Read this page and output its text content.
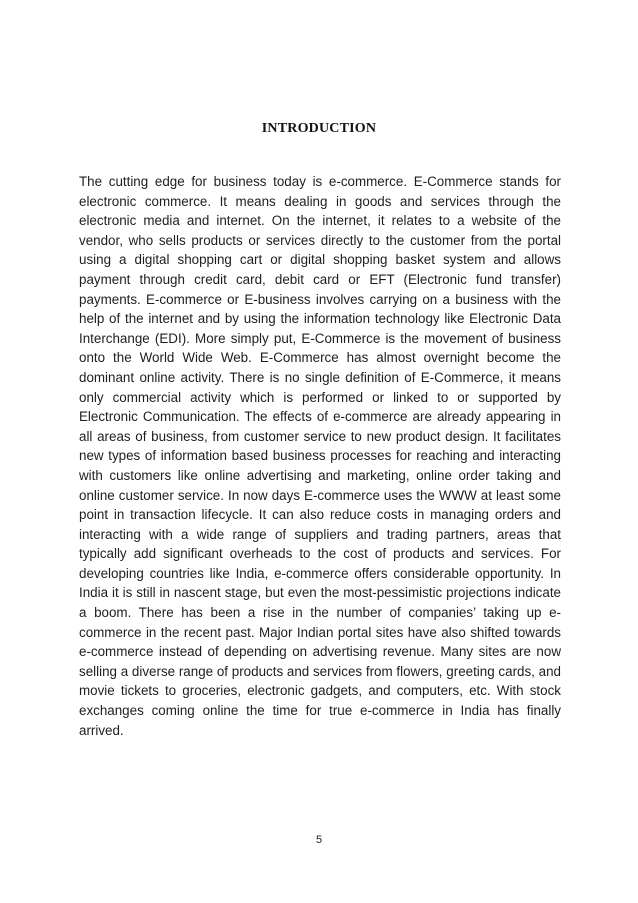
INTRODUCTION

The cutting edge for business today is e-commerce. E-Commerce stands for electronic commerce. It means dealing in goods and services through the electronic media and internet. On the internet, it relates to a website of the vendor, who sells products or services directly to the customer from the portal using a digital shopping cart or digital shopping basket system and allows payment through credit card, debit card or EFT (Electronic fund transfer) payments. E-commerce or E-business involves carrying on a business with the help of the internet and by using the information technology like Electronic Data Interchange (EDI). More simply put, E-Commerce is the movement of business onto the World Wide Web. E-Commerce has almost overnight become the dominant online activity. There is no single definition of E-Commerce, it means only commercial activity which is performed or linked to or supported by Electronic Communication. The effects of e-commerce are already appearing in all areas of business, from customer service to new product design. It facilitates new types of information based business processes for reaching and interacting with customers like online advertising and marketing, online order taking and online customer service. In now days E-commerce uses the WWW at least some point in transaction lifecycle. It can also reduce costs in managing orders and interacting with a wide range of suppliers and trading partners, areas that typically add significant overheads to the cost of products and services. For developing countries like India, e-commerce offers considerable opportunity. In India it is still in nascent stage, but even the most-pessimistic projections indicate a boom. There has been a rise in the number of companies’ taking up e-commerce in the recent past. Major Indian portal sites have also shifted towards e-commerce instead of depending on advertising revenue. Many sites are now selling a diverse range of products and services from flowers, greeting cards, and movie tickets to groceries, electronic gadgets, and computers, etc. With stock exchanges coming online the time for true e-commerce in India has finally arrived.

5
